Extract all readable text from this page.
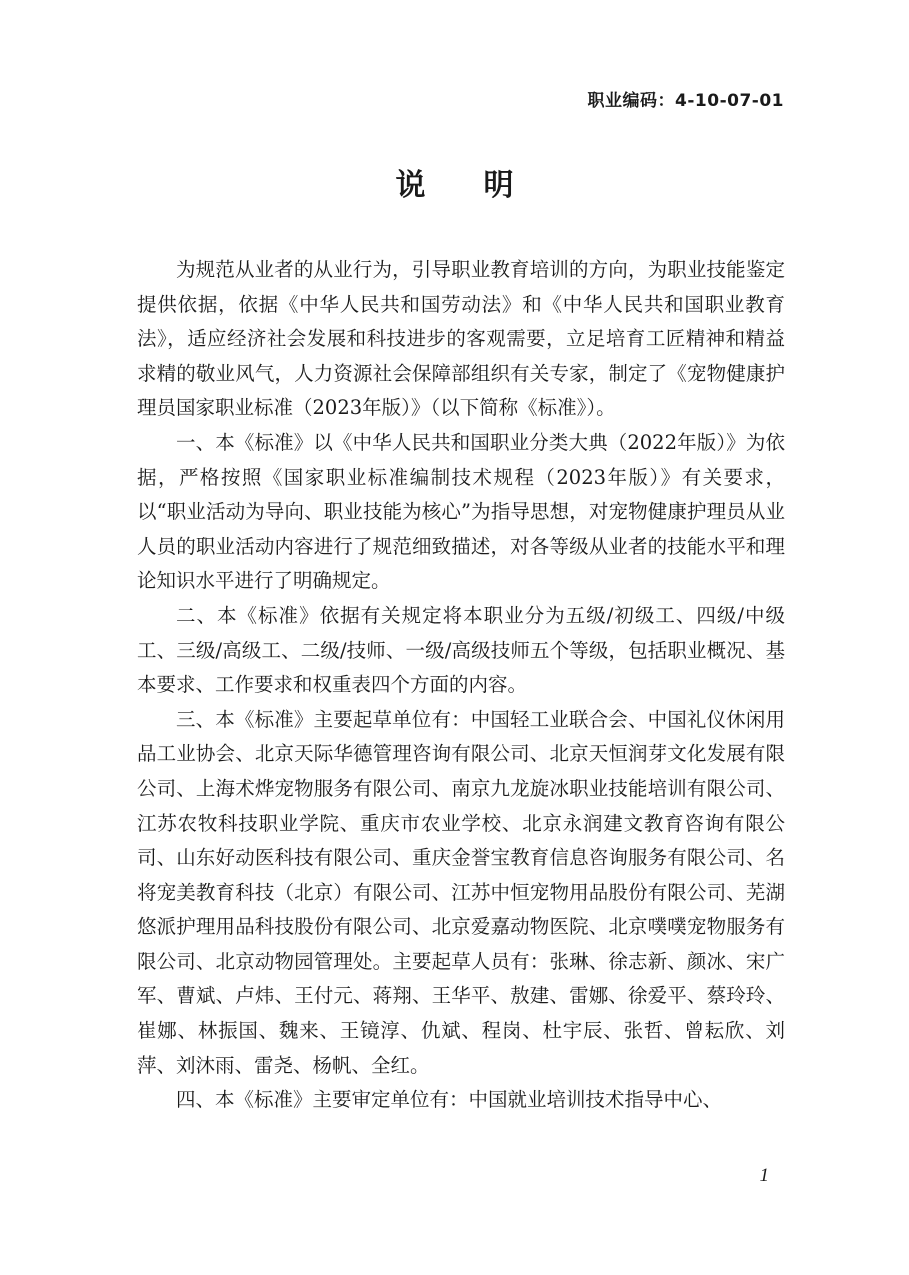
职业编码：4-10-07-01
说明

为规范从业者的从业行为，引导职业教育培训的方向，为职业技能鉴定提供依据，依据《中华人民共和国劳动法》和《中华人民共和国职业教育法》，适应经济社会发展和科技进步的客观需要，立足培育工匠精神和精益求精的敬业风气，人力资源社会保障部组织有关专家，制定了《宠物健康护理员国家职业标准（2023年版）》（以下简称《标准》）。

一、本《标准》以《中华人民共和国职业分类大典（2022年版）》为依据，严格按照《国家职业标准编制技术规程（2023年版）》有关要求，以“职业活动为导向、职业技能为核心”为指导思想，对宠物健康护理员从业人员的职业活动内容进行了规范细致描述，对各等级从业者的技能水平和理论知识水平进行了明确规定。

二、本《标准》依据有关规定将本职业分为五级/初级工、四级/中级工、三级/高级工、二级/技师、一级/高级技师五个等级，包括职业概况、基本要求、工作要求和权重表四个方面的内容。

三、本《标准》主要起草单位有：中国轻工业联合会、中国礼仪休闲用品工业协会、北京天际华德管理咨询有限公司、北京天恒润芽文化发展有限公司、上海术烨宠物服务有限公司、南京九龙旋冰职业技能培训有限公司、江苏农牧科技职业学院、重庆市农业学校、北京永润建文教育咨询有限公司、山东好动医科技有限公司、重庆金誉宝教育信息咨询服务有限公司、名将宠美教育科技（北京）有限公司、江苏中恒宠物用品股份有限公司、芜湖悠派护理用品科技股份有限公司、北京爱嘉动物医院、北京噗噗宠物服务有限公司、北京动物园管理处。主要起草人员有：张琳、徐志新、颜冰、宋广军、曹斌、卢炜、王付元、蒋翔、王华平、敖建、雷娜、徐爱平、蔡玲玲、崔娜、林振国、魏来、王镜淳、仇斌、程岗、杜宇辰、张哲、曾耘欣、刘萍、刘沐雨、雷尧、杨帆、全红。

四、本《标准》主要审定单位有：中国就业培训技术指导中心、

1
